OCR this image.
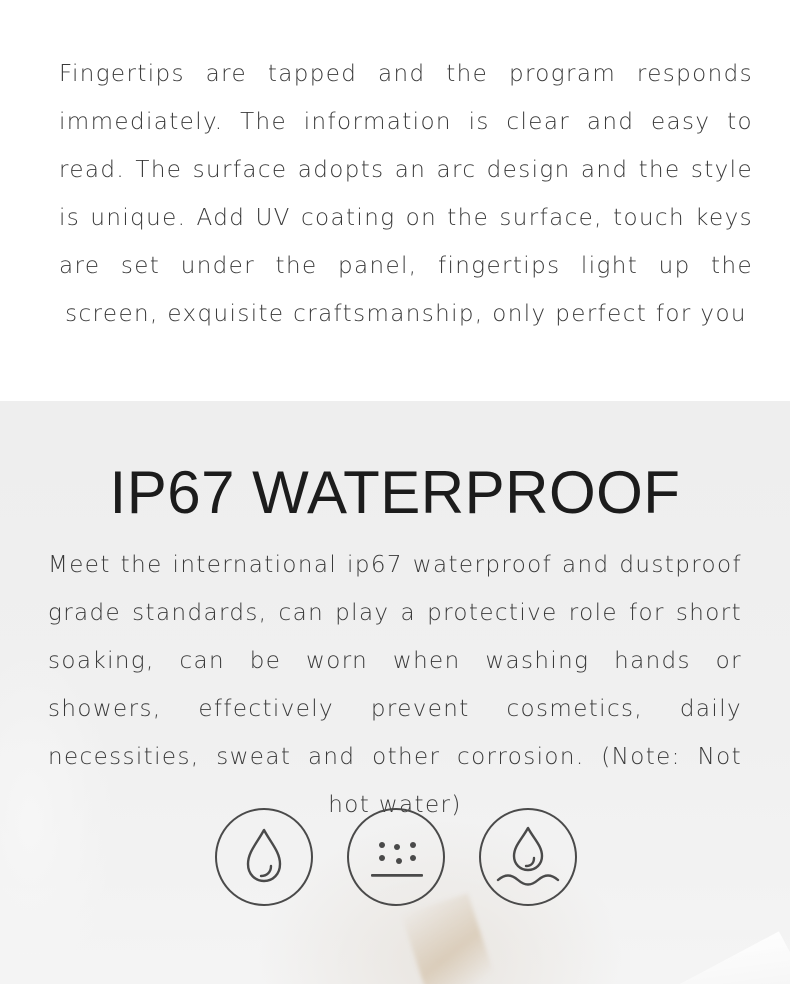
Fingertips are tapped and the program responds immediately. The information is clear and easy to read. The surface adopts an arc design and the style is unique. Add UV coating on the surface, touch keys are set under the panel, fingertips light up the screen, exquisite craftsmanship, only perfect for you

IP67 WATERPROOF

Meet the international ip67 waterproof and dustproof grade standards, can play a protective role for short soaking, can be worn when washing hands or showers, effectively prevent cosmetics, daily necessities, sweat and other corrosion. (Note: Not hot water)
